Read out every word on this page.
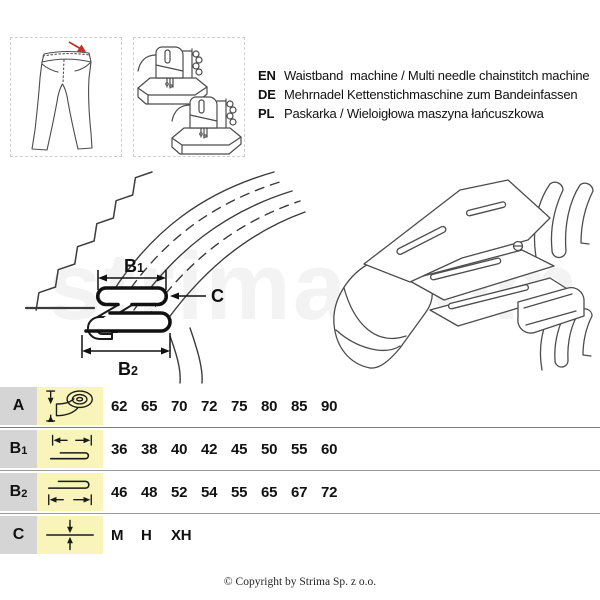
EN Waistband  machine / Multi needle chainstitch machine
DE Mehrnadel Kettenstichmaschine zum Bandeinfassen
PL Paskarka / Wieloigłowa maszyna łańcuszkowa
B1
C
B2
A	62 65 70 72 75 80 85 90
B 1	36 38 40 42 45 50 55 60
B 2	46 48 52 54 55 65 67 72
C	M	H	XH
© Copyright by Strima Sp. z o.o.
